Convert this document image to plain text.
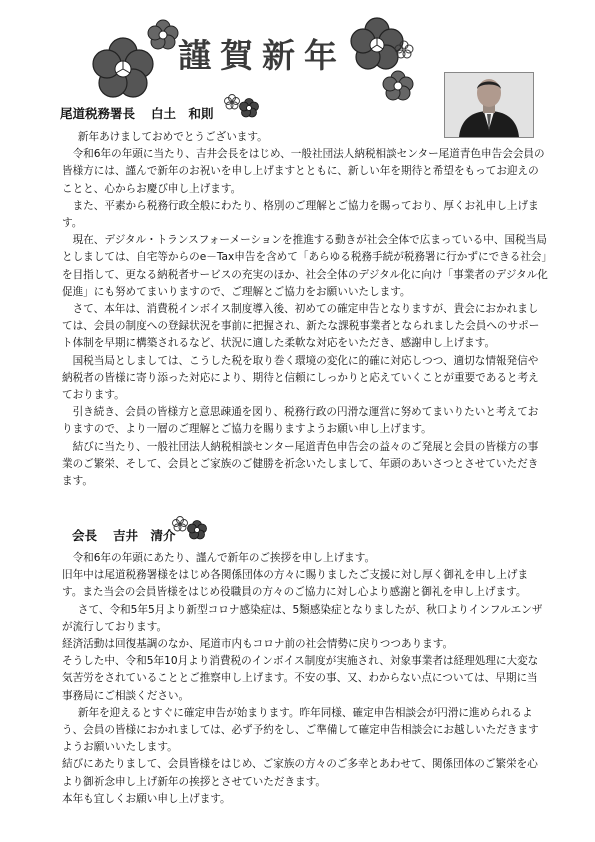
謹賀新年
尾道税務署長 白土　和則

新年あけましておめでとうございます。

令和6年の年頭に当たり、吉井会長をはじめ、一般社団法人納税相談センター尾道青色申告会会員の皆様方には、謹んで新年のお祝いを申し上げますとともに、新しい年を期待と希望をもってお迎えのことと、心からお慶び申し上げます。

また、平素から税務行政全般にわたり、格別のご理解とご協力を賜っており、厚くお礼申し上げます。

現在、デジタル・トランスフォーメーションを推進する動きが社会全体で広まっている中、国税当局としましては、自宅等からのe－Tax申告を含めて「あらゆる税務手続が税務署に行かずにできる社会」を目指して、更なる納税者サービスの充実のほか、社会全体のデジタル化に向け「事業者のデジタル化促進」にも努めてまいりますので、ご理解とご協力をお願いいたします。

さて、本年は、消費税インボイス制度導入後、初めての確定申告となりますが、貴会におかれましては、会員の制度への登録状況を事前に把握され、新たな課税事業者となられました会員へのサポート体制を早期に構築されるなど、状況に適した柔軟な対応をいただき、感謝申し上げます。

国税当局としましては、こうした税を取り巻く環境の変化に的確に対応しつつ、適切な情報発信や納税者の皆様に寄り添った対応により、期待と信頼にしっかりと応えていくことが重要であると考えております。

引き続き、会員の皆様方と意思疎通を図り、税務行政の円滑な運営に努めてまいりたいと考えておりますので、より一層のご理解とご協力を賜りますようお願い申し上げます。

結びに当たり、一般社団法人納税相談センター尾道青色申告会の益々のご発展と会員の皆様方の事業のご繁栄、そして、会員とご家族のご健勝を祈念いたしまして、年頭のあいさつとさせていただきます。

会長 吉井　清介

令和6年の年頭にあたり、謹んで新年のご挨拶を申し上げます。

旧年中は尾道税務署様をはじめ各関係団体の方々に賜りましたご支援に対し厚く御礼を申し上げます。また当会の会員皆様をはじめ役職員の方々のご協力に対し心より感謝と御礼を申し上げます。

さて、令和5年5月より新型コロナ感染症は、5類感染症となりましたが、秋口よりインフルエンザが流行しております。

経済活動は回復基調のなか、尾道市内もコロナ前の社会情勢に戻りつつあります。

そうした中、令和5年10月より消費税のインボイス制度が実施され、対象事業者は経理処理に大変な気苦労をされていることとご推察申し上げます。不安の事、又、わからない点については、早期に当事務局にご相談ください。

新年を迎えるとすぐに確定申告が始まります。昨年同様、確定申告相談会が円滑に進められるよう、会員の皆様におかれましては、必ず予約をし、ご準備して確定申告相談会にお越しいただきますようお願いいたします。

結びにあたりまして、会員皆様をはじめ、ご家族の方々のご多幸とあわせて、関係団体のご繁栄を心より御祈念申し上げ新年の挨拶とさせていただきます。

本年も宜しくお願い申し上げます。
